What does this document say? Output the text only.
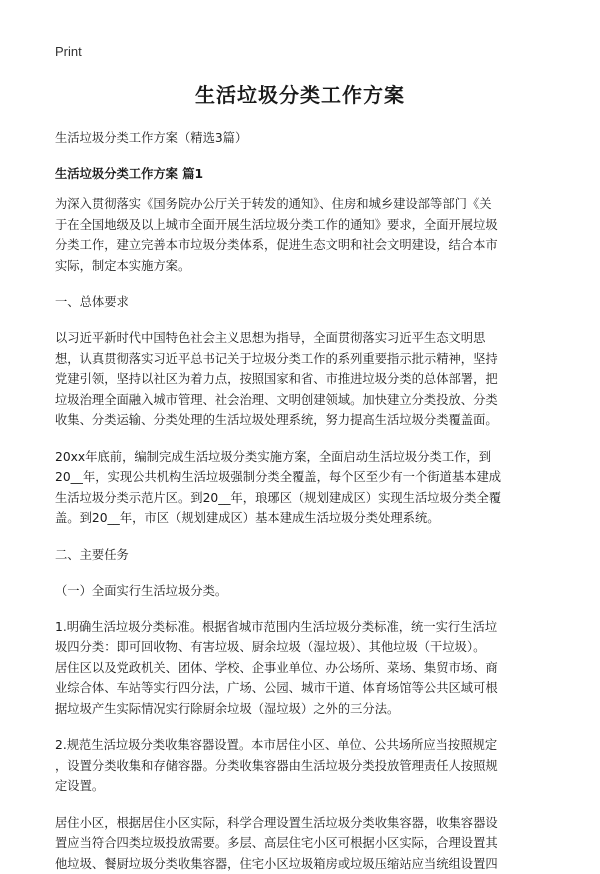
Print
生活垃圾分类工作方案
生活垃圾分类工作方案（精选3篇）
生活垃圾分类工作方案 篇1
为深入贯彻落实《国务院办公厅关于转发的通知》、住房和城乡建设部等部门《关
于在全国地级及以上城市全面开展生活垃圾分类工作的通知》要求，全面开展垃圾
分类工作，建立完善本市垃圾分类体系，促进生态文明和社会文明建设，结合本市
实际，制定本实施方案。
一、总体要求
以习近平新时代中国特色社会主义思想为指导，全面贯彻落实习近平生态文明思
想，认真贯彻落实习近平总书记关于垃圾分类工作的系列重要指示批示精神，坚持
党建引领，坚持以社区为着力点，按照国家和省、市推进垃圾分类的总体部署，把
垃圾治理全面融入城市管理、社会治理、文明创建领域。加快建立分类投放、分类
收集、分类运输、分类处理的生活垃圾处理系统，努力提高生活垃圾分类覆盖面。
20xx年底前，编制完成生活垃圾分类实施方案，全面启动生活垃圾分类工作，到
20__年，实现公共机构生活垃圾强制分类全覆盖，每个区至少有一个街道基本建成
生活垃圾分类示范片区。到20__年，琅琊区（规划建成区）实现生活垃圾分类全覆
盖。到20__年，市区（规划建成区）基本建成生活垃圾分类处理系统。
二、主要任务
（一）全面实行生活垃圾分类。
1.明确生活垃圾分类标准。根据省城市范围内生活垃圾分类标准，统一实行生活垃
圾四分类：即可回收物、有害垃圾、厨余垃圾（湿垃圾）、其他垃圾（干垃圾）。
居住区以及党政机关、团体、学校、企事业单位、办公场所、菜场、集贸市场、商
业综合体、车站等实行四分法，广场、公园、城市干道、体育场馆等公共区域可根
据垃圾产生实际情况实行除厨余垃圾（湿垃圾）之外的三分法。
2.规范生活垃圾分类收集容器设置。本市居住小区、单位、公共场所应当按照规定
，设置分类收集和存储容器。分类收集容器由生活垃圾分类投放管理责任人按照规
定设置。
居住小区，根据居住小区实际，科学合理设置生活垃圾分类收集容器，收集容器设
置应当符合四类垃圾投放需要。多层、高层住宅小区可根据小区实际，合理设置其
他垃圾、餐厨垃圾分类收集容器，住宅小区垃圾箱房或垃圾压缩站应当统组设置四
